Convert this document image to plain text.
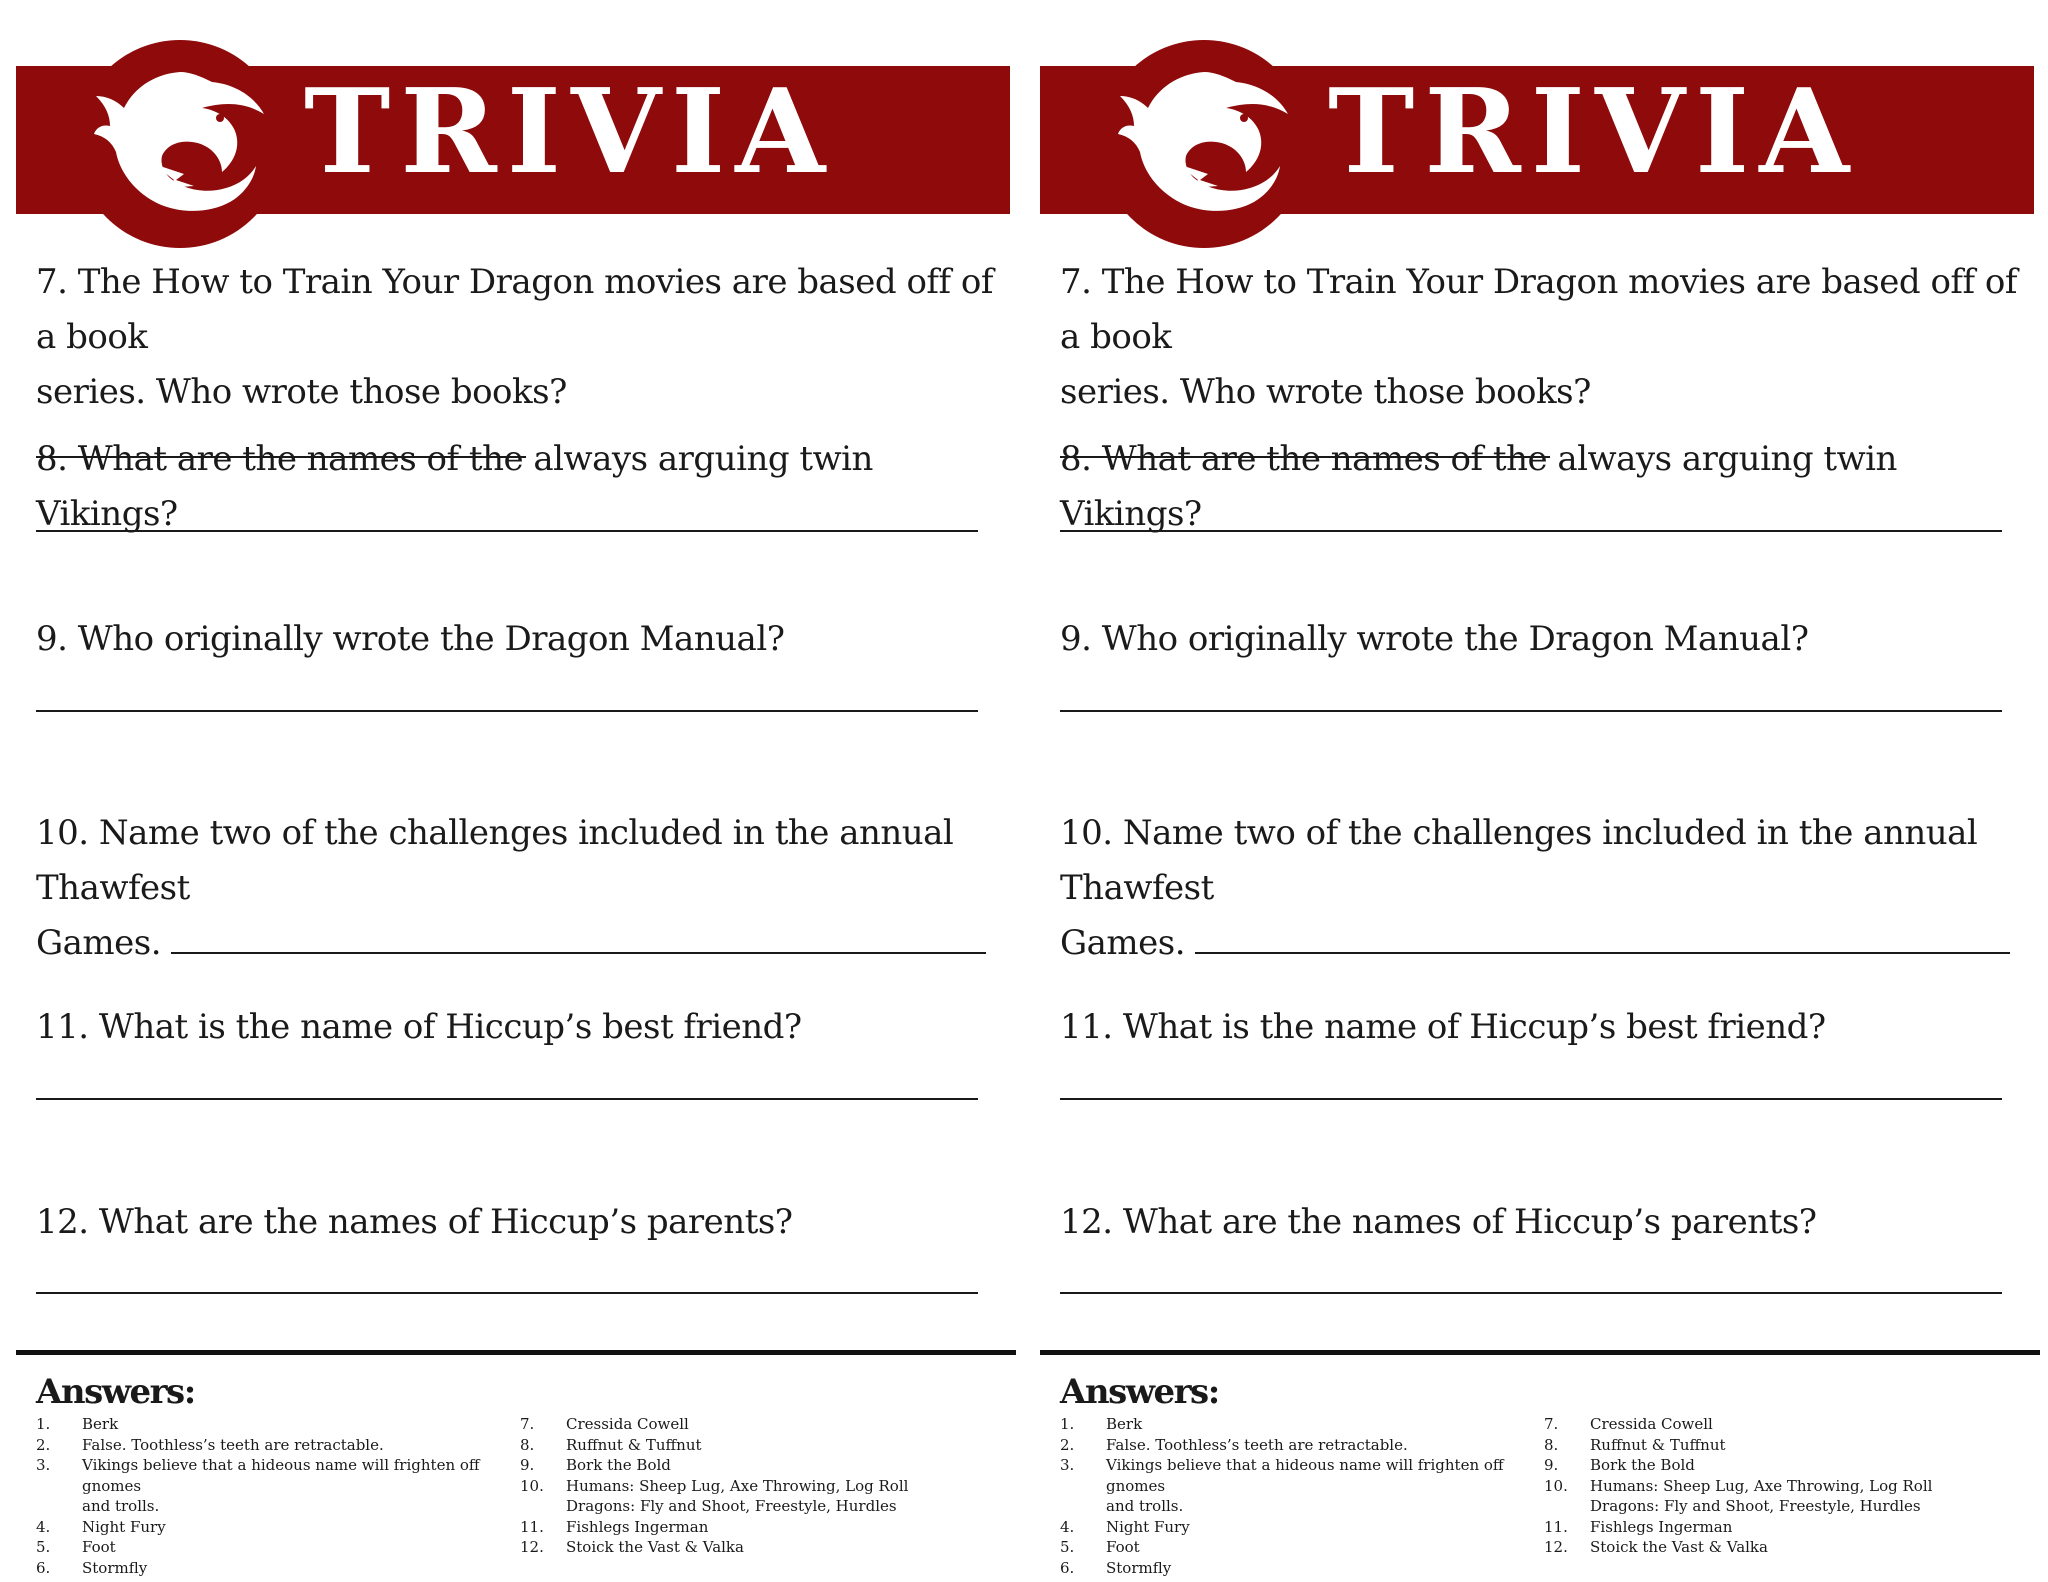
TRIVIA

7. The How to Train Your Dragon movies are based off of a book
series. Who wrote those books?

8. What are the names of the always arguing twin Vikings?

9. Who originally wrote the Dragon Manual?

10. Name two of the challenges included in the annual Thawfest
Games.

11. What is the name of Hiccup’s best friend?

12. What are the names of Hiccup’s parents?

Answers:

1.	Berk
2.	False. Toothless’s teeth are retractable.
3.	Vikings believe that a hideous name will frighten off gnomes
and trolls.
4.	Night Fury
5.	Foot
6.	Stormfly
7.	Cressida Cowell
8.	Ruffnut & Tuffnut
9.	Bork the Bold
10.	Humans: Sheep Lug, Axe Throwing, Log Roll
Dragons: Fly and Shoot, Freestyle, Hurdles
11.	Fishlegs Ingerman
12.	Stoick the Vast & Valka
TRIVIA

7. The How to Train Your Dragon movies are based off of a book
series. Who wrote those books?

8. What are the names of the always arguing twin Vikings?

9. Who originally wrote the Dragon Manual?

10. Name two of the challenges included in the annual Thawfest
Games.

11. What is the name of Hiccup’s best friend?

12. What are the names of Hiccup’s parents?

Answers:

1.	Berk
2.	False. Toothless’s teeth are retractable.
3.	Vikings believe that a hideous name will frighten off gnomes
and trolls.
4.	Night Fury
5.	Foot
6.	Stormfly
7.	Cressida Cowell
8.	Ruffnut & Tuffnut
9.	Bork the Bold
10.	Humans: Sheep Lug, Axe Throwing, Log Roll
Dragons: Fly and Shoot, Freestyle, Hurdles
11.	Fishlegs Ingerman
12.	Stoick the Vast & Valka
